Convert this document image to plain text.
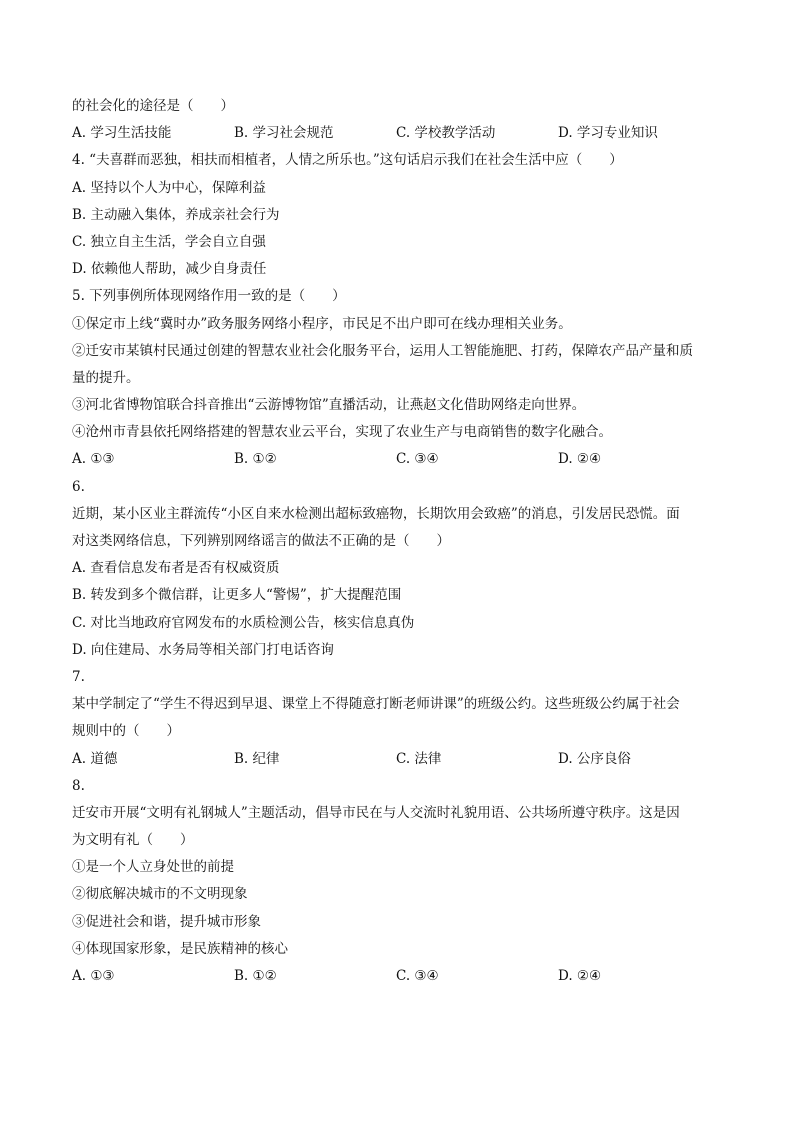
的社会化的途径是（　　）
A. 学习生活技能	B. 学习社会规范	C. 学校教学活动	D. 学习专业知识
4. “夫喜群而恶独，相扶而相植者，人情之所乐也。”这句话启示我们在社会生活中应（　　）
A. 坚持以个人为中心，保障利益
B. 主动融入集体，养成亲社会行为
C. 独立自主生活，学会自立自强
D. 依赖他人帮助，减少自身责任
5. 下列事例所体现网络作用一致的是（　　）
①保定市上线“冀时办”政务服务网络小程序，市民足不出户即可在线办理相关业务。
②迁安市某镇村民通过创建的智慧农业社会化服务平台，运用人工智能施肥、打药，保障农产品产量和质
量的提升。
③河北省博物馆联合抖音推出“云游博物馆”直播活动，让燕赵文化借助网络走向世界。
④沧州市青县依托网络搭建的智慧农业云平台，实现了农业生产与电商销售的数字化融合。
A. ①③	B. ①②	C. ③④	D. ②④
6.
近期，某小区业主群流传“小区自来水检测出超标致癌物，长期饮用会致癌”的消息，引发居民恐慌。面
对这类网络信息，下列辨别网络谣言的做法不正确的是（　　）
A. 查看信息发布者是否有权威资质
B. 转发到多个微信群，让更多人“警惕”，扩大提醒范围
C. 对比当地政府官网发布的水质检测公告，核实信息真伪
D. 向住建局、水务局等相关部门打电话咨询
7.
某中学制定了“学生不得迟到早退、课堂上不得随意打断老师讲课”的班级公约。这些班级公约属于社会
规则中的（　　）
A. 道德	B. 纪律	C. 法律	D. 公序良俗
8.
迁安市开展“文明有礼钢城人”主题活动，倡导市民在与人交流时礼貌用语、公共场所遵守秩序。这是因
为文明有礼（　　）
①是一个人立身处世的前提
②彻底解决城市的不文明现象
③促进社会和谐，提升城市形象
④体现国家形象，是民族精神的核心
A. ①③	B. ①②	C. ③④	D. ②④
